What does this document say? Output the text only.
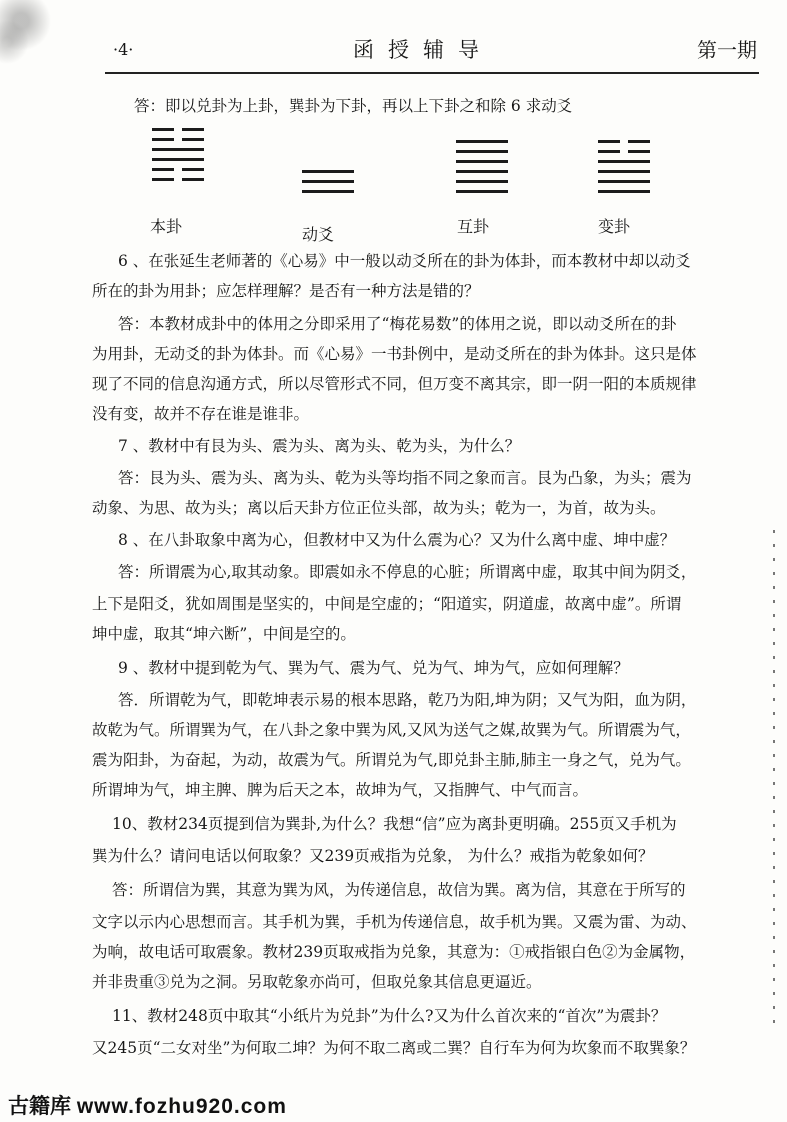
·4·	函授辅导	第一期

答：即以兑卦为上卦，巽卦为下卦，再以上下卦之和除 6 求动爻

本卦	动爻	互卦	变卦

6 、在张延生老师著的《心易》中一般以动爻所在的卦为体卦，而本教材中却以动爻

所在的卦为用卦；应怎样理解？是否有一种方法是错的？

答：本教材成卦中的体用之分即采用了“梅花易数”的体用之说，即以动爻所在的卦

为用卦，无动爻的卦为体卦。而《心易》一书卦例中，是动爻所在的卦为体卦。这只是体

现了不同的信息沟通方式，所以尽管形式不同，但万变不离其宗，即一阴一阳的本质规律

没有变，故并不存在谁是谁非。

7 、教材中有艮为头、震为头、离为头、乾为头，为什么？

答：艮为头、震为头、离为头、乾为头等均指不同之象而言。艮为凸象，为头；震为

动象、为思、故为头；离以后天卦方位正位头部，故为头；乾为一，为首，故为头。

8 、在八卦取象中离为心，但教材中又为什么震为心？又为什么离中虚、坤中虚？

答：所谓震为心,取其动象。即震如永不停息的心脏；所谓离中虚，取其中间为阴爻，

上下是阳爻，犹如周围是坚实的，中间是空虚的；“阳道实，阴道虚，故离中虚”。所谓

坤中虚，取其“坤六断”，中间是空的。

9 、教材中提到乾为气、巽为气、震为气、兑为气、坤为气，应如何理解？

答．所谓乾为气，即乾坤表示易的根本思路，乾乃为阳,坤为阴；又气为阳，血为阴，

故乾为气。所谓巽为气，在八卦之象中巽为风,又风为送气之媒,故巽为气。所谓震为气，

震为阳卦，为奋起，为动，故震为气。所谓兑为气,即兑卦主肺,肺主一身之气，兑为气。

所谓坤为气，坤主脾、脾为后天之本，故坤为气，又指脾气、中气而言。

10、教材234页提到信为巽卦,为什么？我想“信”应为离卦更明确。255页又手机为

巽为什么？请问电话以何取象？又239页戒指为兑象， 为什么？戒指为乾象如何？

答：所谓信为巽，其意为巽为风，为传递信息，故信为巽。离为信，其意在于所写的

文字以示内心思想而言。其手机为巽，手机为传递信息，故手机为巽。又震为雷、为动、

为响，故电话可取震象。教材239页取戒指为兑象，其意为：①戒指银白色②为金属物，

并非贵重③兑为之洞。另取乾象亦尚可，但取兑象其信息更逼近。

11、教材248页中取其“小纸片为兑卦”为什么?又为什么首次来的“首次”为震卦？

又245页“二女对坐”为何取二坤？为何不取二离或二巽？自行车为何为坎象而不取巽象？

古籍库 www.fozhu920.com
